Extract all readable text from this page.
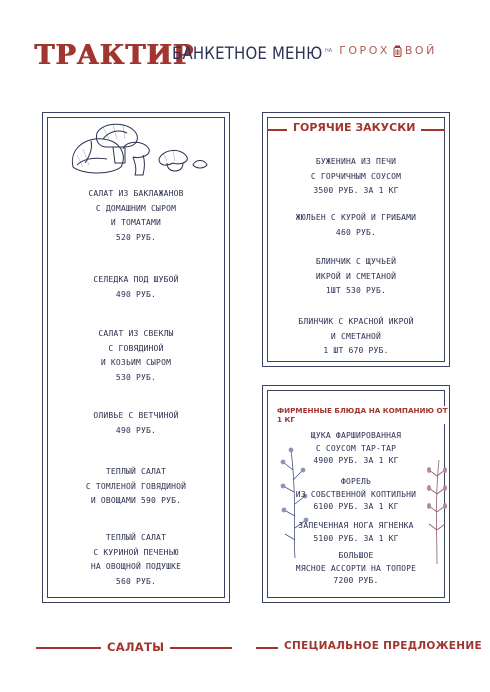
ТРАКТИР
БАНКЕТНОЕ МЕНЮ НА ГОРОХ ВОЙ
САЛАТ ИЗ БАКЛАЖАНОВ
С ДОМАШНИМ СЫРОМ
И ТОМАТАМИ
520 РУБ.
СЕЛЕДКА ПОД ШУБОЙ
490 РУБ.
САЛАТ ИЗ СВЕКЛЫ
С ГОВЯДИНОЙ
И КОЗЬИМ СЫРОМ
530 РУБ.
ОЛИВЬЕ С ВЕТЧИНОЙ
490 РУБ.
ТЕПЛЫЙ САЛАТ
С ТОМЛЕНОЙ ГОВЯДИНОЙ
И ОВОЩАМИ 590 РУБ.
ТЕПЛЫЙ САЛАТ
С КУРИНОЙ ПЕЧЕНЬЮ
НА ОВОЩНОЙ ПОДУШКЕ
560 РУБ.
ГОРЯЧИЕ ЗАКУСКИ
БУЖЕНИНА ИЗ ПЕЧИ
С ГОРЧИЧНЫМ СОУСОМ
3500 РУБ. ЗА 1 КГ
ЖЮЛЬЕН С КУРОЙ И ГРИБАМИ
460 РУБ.
БЛИНЧИК С ЩУЧЬЕЙ
ИКРОЙ И СМЕТАНОЙ
1ШТ 530 РУБ.
БЛИНЧИК С КРАСНОЙ ИКРОЙ
И СМЕТАНОЙ
1 ШТ 670 РУБ.
ФИРМЕННЫЕ БЛЮДА НА КОМПАНИЮ ОТ 1 КГ
ЩУКА ФАРШИРОВАННАЯ
С СОУСОМ ТАР-ТАР
4900 РУБ. ЗА 1 КГ
ФОРЕЛЬ
ИЗ СОБСТВЕННОЙ КОПТИЛЬНИ
6100 РУБ. ЗА 1 КГ
ЗАПЕЧЕННАЯ НОГА ЯГНЕНКА
5100 РУБ. ЗА 1 КГ
БОЛЬШОЕ
МЯСНОЕ АССОРТИ НА ТОПОРЕ
7200 РУБ.
САЛАТЫ	СПЕЦИАЛЬНОЕ ПРЕДЛОЖЕНИЕ
